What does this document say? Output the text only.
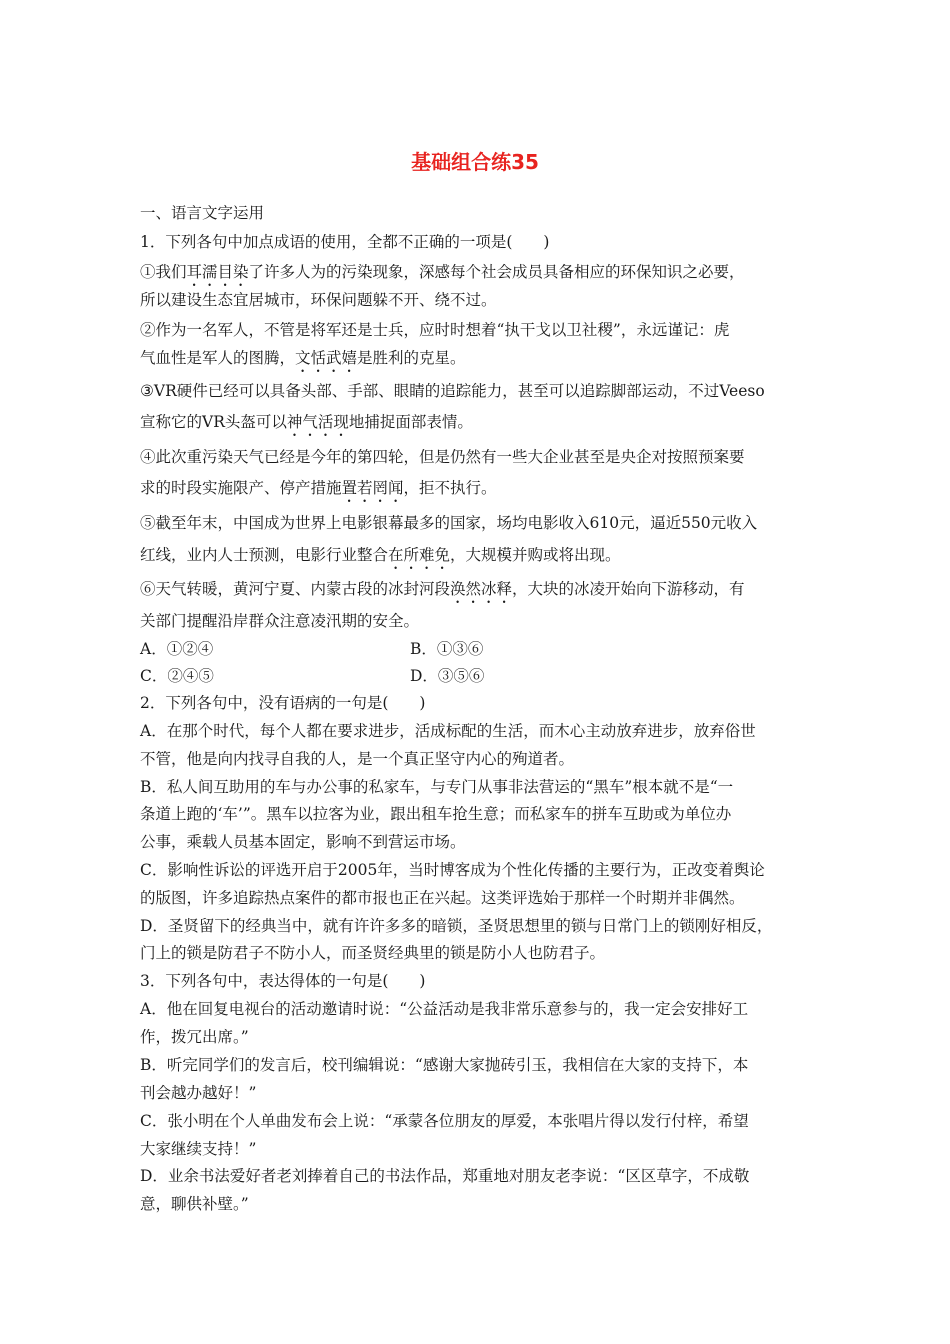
基础组合练35
一、语言文字运用
1．下列各句中加点成语的使用，全都不正确的一项是(　　)
①我们耳濡目染了许多人为的污染现象，深感每个社会成员具备相应的环保知识之必要，
所以建设生态宜居城市，环保问题躲不开、绕不过。
②作为一名军人，不管是将军还是士兵，应时时想着“执干戈以卫社稷”，永远谨记：虎
气血性是军人的图腾，文恬武嬉是胜利的克星。
③VR硬件已经可以具备头部、手部、眼睛的追踪能力，甚至可以追踪脚部运动，不过Veeso
宣称它的VR头盔可以神气活现地捕捉面部表情。
④此次重污染天气已经是今年的第四轮，但是仍然有一些大企业甚至是央企对按照预案要
求的时段实施限产、停产措施置若罔闻，拒不执行。
⑤截至年末，中国成为世界上电影银幕最多的国家，场均电影收入610元，逼近550元收入
红线，业内人士预测，电影行业整合在所难免，大规模并购或将出现。
⑥天气转暖，黄河宁夏、内蒙古段的冰封河段涣然冰释，大块的冰凌开始向下游移动，有
关部门提醒沿岸群众注意凌汛期的安全。
A．①②④	B．①③⑥
C．②④⑤	D．③⑤⑥
2．下列各句中，没有语病的一句是(　　)
A．在那个时代，每个人都在要求进步，活成标配的生活，而木心主动放弃进步，放弃俗世
不管，他是向内找寻自我的人，是一个真正坚守内心的殉道者。
B．私人间互助用的车与办公事的私家车，与专门从事非法营运的“黑车”根本就不是“一
条道上跑的‘车’”。黑车以拉客为业，跟出租车抢生意；而私家车的拼车互助或为单位办
公事，乘载人员基本固定，影响不到营运市场。
C．影响性诉讼的评选开启于2005年，当时博客成为个性化传播的主要行为，正改变着舆论
的版图，许多追踪热点案件的都市报也正在兴起。这类评选始于那样一个时期并非偶然。
D．圣贤留下的经典当中，就有许许多多的暗锁，圣贤思想里的锁与日常门上的锁刚好相反，
门上的锁是防君子不防小人，而圣贤经典里的锁是防小人也防君子。
3．下列各句中，表达得体的一句是(　　)
A．他在回复电视台的活动邀请时说：“公益活动是我非常乐意参与的，我一定会安排好工
作，拨冗出席。”
B．听完同学们的发言后，校刊编辑说：“感谢大家抛砖引玉，我相信在大家的支持下，本
刊会越办越好！”
C．张小明在个人单曲发布会上说：“承蒙各位朋友的厚爱，本张唱片得以发行付梓，希望
大家继续支持！”
D．业余书法爱好者老刘捧着自己的书法作品，郑重地对朋友老李说：“区区草字，不成敬
意，聊供补壁。”
